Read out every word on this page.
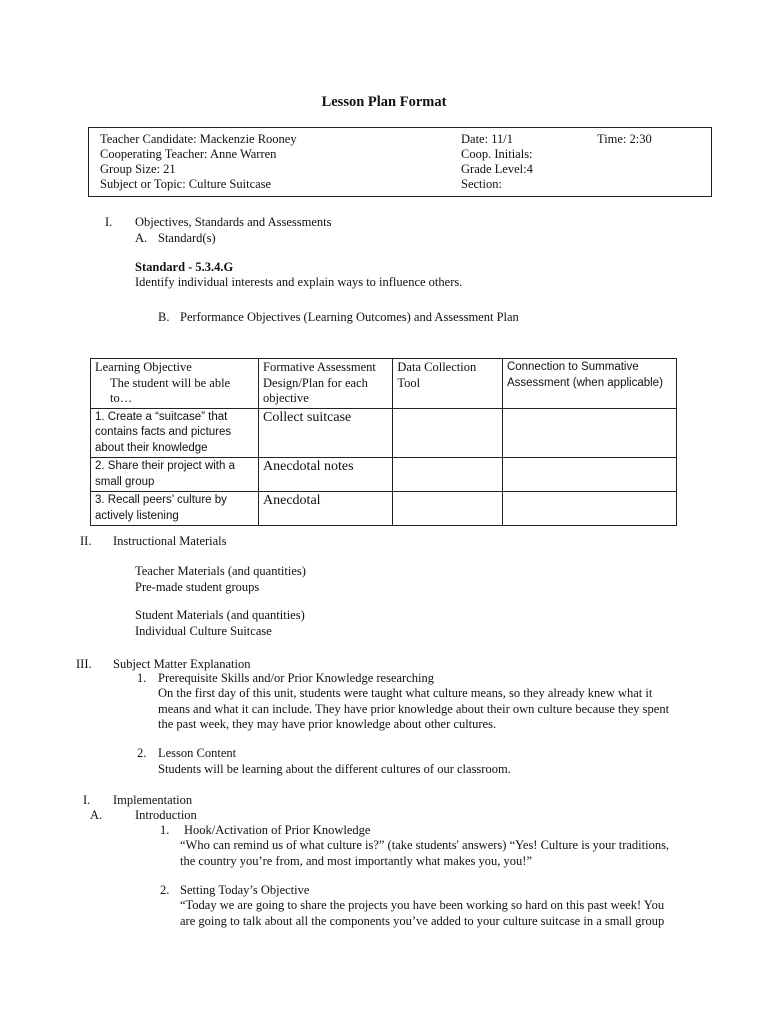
Lesson Plan Format
Teacher Candidate: Mackenzie Rooney
Cooperating Teacher: Anne Warren
Group Size: 21
Subject or Topic: Culture Suitcase
Date: 11/1	Time: 2:30
Coop. Initials:
Grade Level:4
Section:
I. Objectives, Standards and Assessments
A. Standard(s)
Standard - 5.3.4.G
Identify individual interests and explain ways to influence others.
B. Performance Objectives (Learning Outcomes) and Assessment Plan
Learning Objective
The student will be able to…	Formative Assessment Design/Plan for each objective	Data Collection Tool	Connection to Summative Assessment (when applicable)
1. Create a “suitcase” that contains facts and pictures about their knowledge	Collect suitcase		
2. Share their project with a small group	Anecdotal notes		
3. Recall peers’ culture by actively listening	Anecdotal		
II. Instructional Materials
Teacher Materials (and quantities)
Pre-made student groups
Student Materials (and quantities)
Individual Culture Suitcase
III. Subject Matter Explanation
1. Prerequisite Skills and/or Prior Knowledge researching
On the first day of this unit, students were taught what culture means, so they already knew what it
means and what it can include. They have prior knowledge about their own culture because they spent
the past week, they may have prior knowledge about other cultures.
2. Lesson Content
Students will be learning about the different cultures of our classroom.
I. Implementation
A.	Introduction
1. Hook/Activation of Prior Knowledge
“Who can remind us of what culture is?” (take students' answers) “Yes! Culture is your traditions,
the country you’re from, and most importantly what makes you, you!”
2. Setting Today’s Objective
“Today we are going to share the projects you have been working so hard on this past week! You
are going to talk about all the components you’ve added to your culture suitcase in a small group
